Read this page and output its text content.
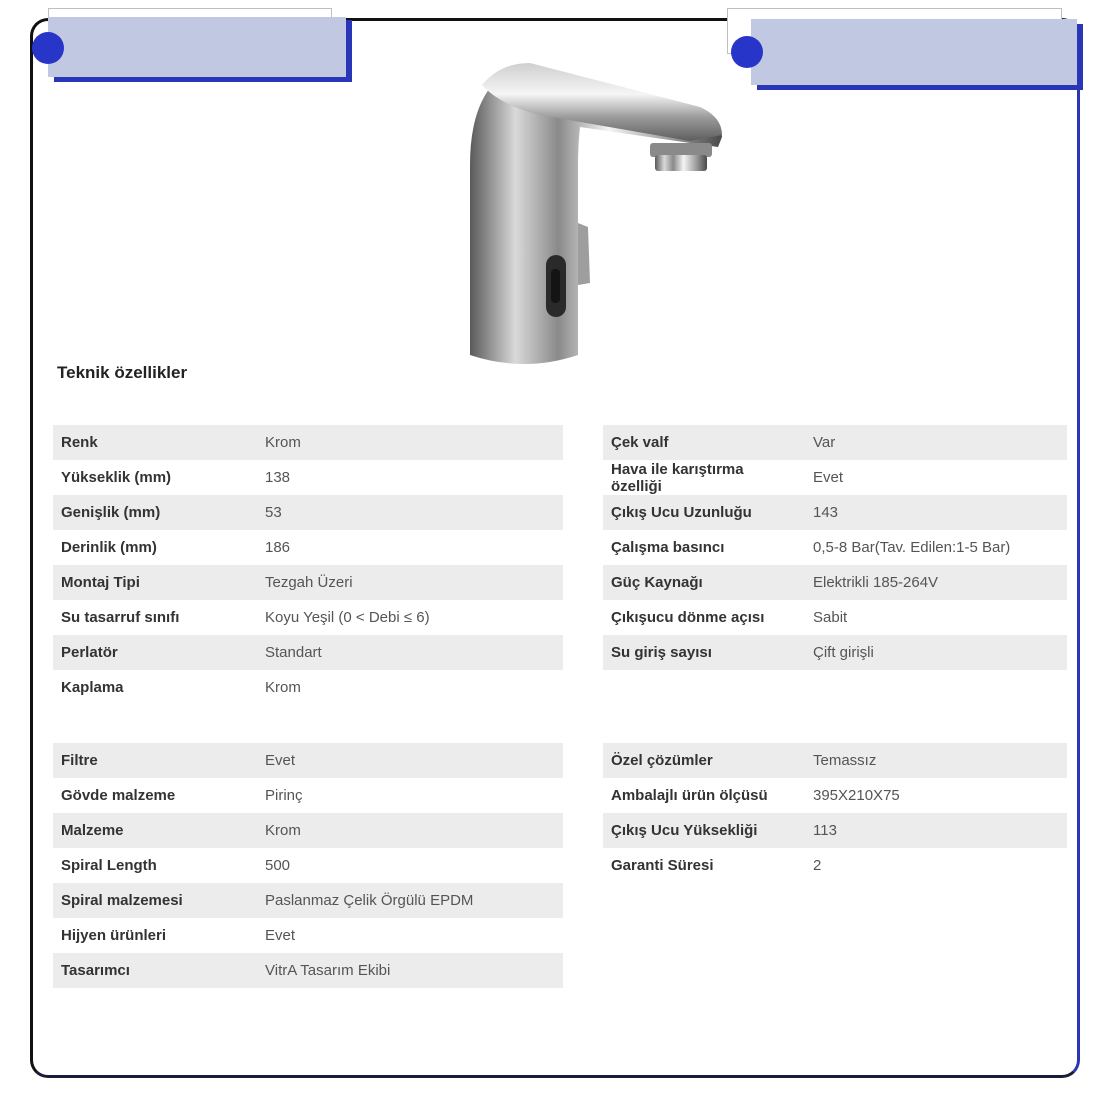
Teknik özellikler
Renk	Krom
Yükseklik (mm)	138
Genişlik (mm)	53
Derinlik (mm)	186
Montaj Tipi	Tezgah Üzeri
Su tasarruf sınıfı	Koyu Yeşil (0 < Debi ≤ 6)
Perlatör	Standart
Kaplama	Krom
Filtre	Evet
Gövde malzeme	Pirinç
Malzeme	Krom
Spiral Length	500
Spiral malzemesi	Paslanmaz Çelik Örgülü EPDM
Hijyen ürünleri	Evet
Tasarımcı	VitrA Tasarım Ekibi
Çek valf	Var
Hava ile karıştırma özelliği	Evet
Çıkış Ucu Uzunluğu	143
Çalışma basıncı	0,5-8 Bar(Tav. Edilen:1-5 Bar)
Güç Kaynağı	Elektrikli 185-264V
Çıkışucu dönme açısı	Sabit
Su giriş sayısı	Çift girişli
Özel çözümler	Temassız
Ambalajlı ürün ölçüsü	395X210X75
Çıkış Ucu Yüksekliği	113
Garanti Süresi	2
